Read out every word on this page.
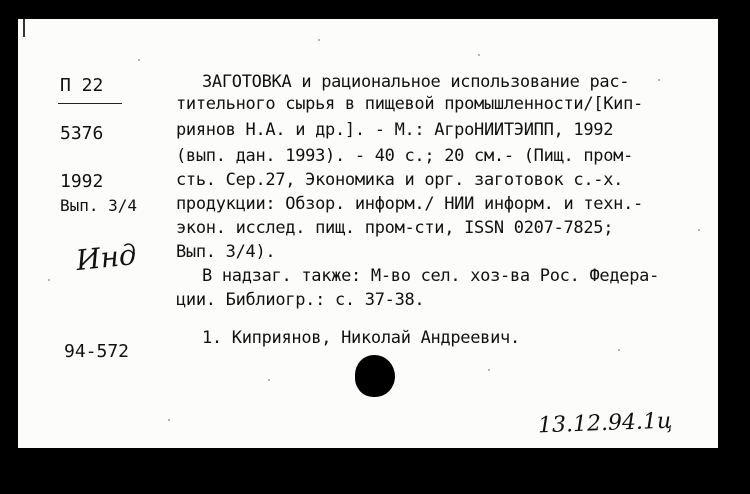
П 22
5376
1992
Вып. 3/4
Инд
94-572
ЗАГОТОВКА и рациональное использование рас-
тительного сырья в пищевой промышленности/[Кип-
риянов Н.А. и др.]. - М.: АгроНИИТЭИПП, 1992
(вып. дан. 1993). - 40 с.; 20 см.- (Пищ. пром-
сть. Сер.27, Экономика и орг. заготовок с.-х.
продукции: Обзор. информ./ НИИ информ. и техн.-
экон. исслед. пищ. пром-сти, ISSN 0207-7825;
Вып. 3/4).
В надзаг. также: М-во сел. хоз-ва Рос. Федера-
ции. Библиогр.: с. 37-38.
1. Киприянов, Николай Андреевич.
13.12.94.1ц
